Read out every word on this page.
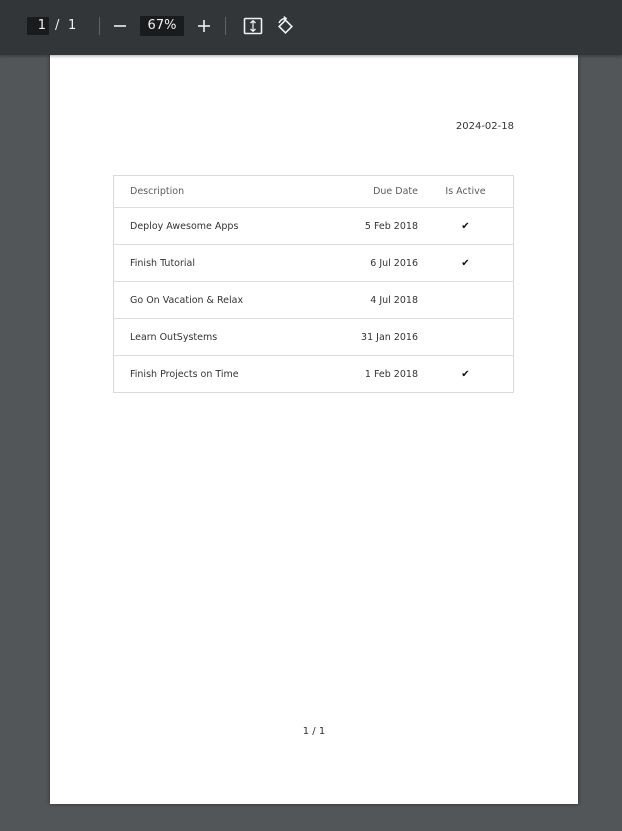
1 / 1	67%
2024-02-18
Description	Due Date	Is Active
Deploy Awesome Apps	5 Feb 2018	✔
Finish Tutorial	6 Jul 2016	✔
Go On Vacation & Relax	4 Jul 2018	
Learn OutSystems	31 Jan 2016	
Finish Projects on Time	1 Feb 2018	✔
1 / 1
